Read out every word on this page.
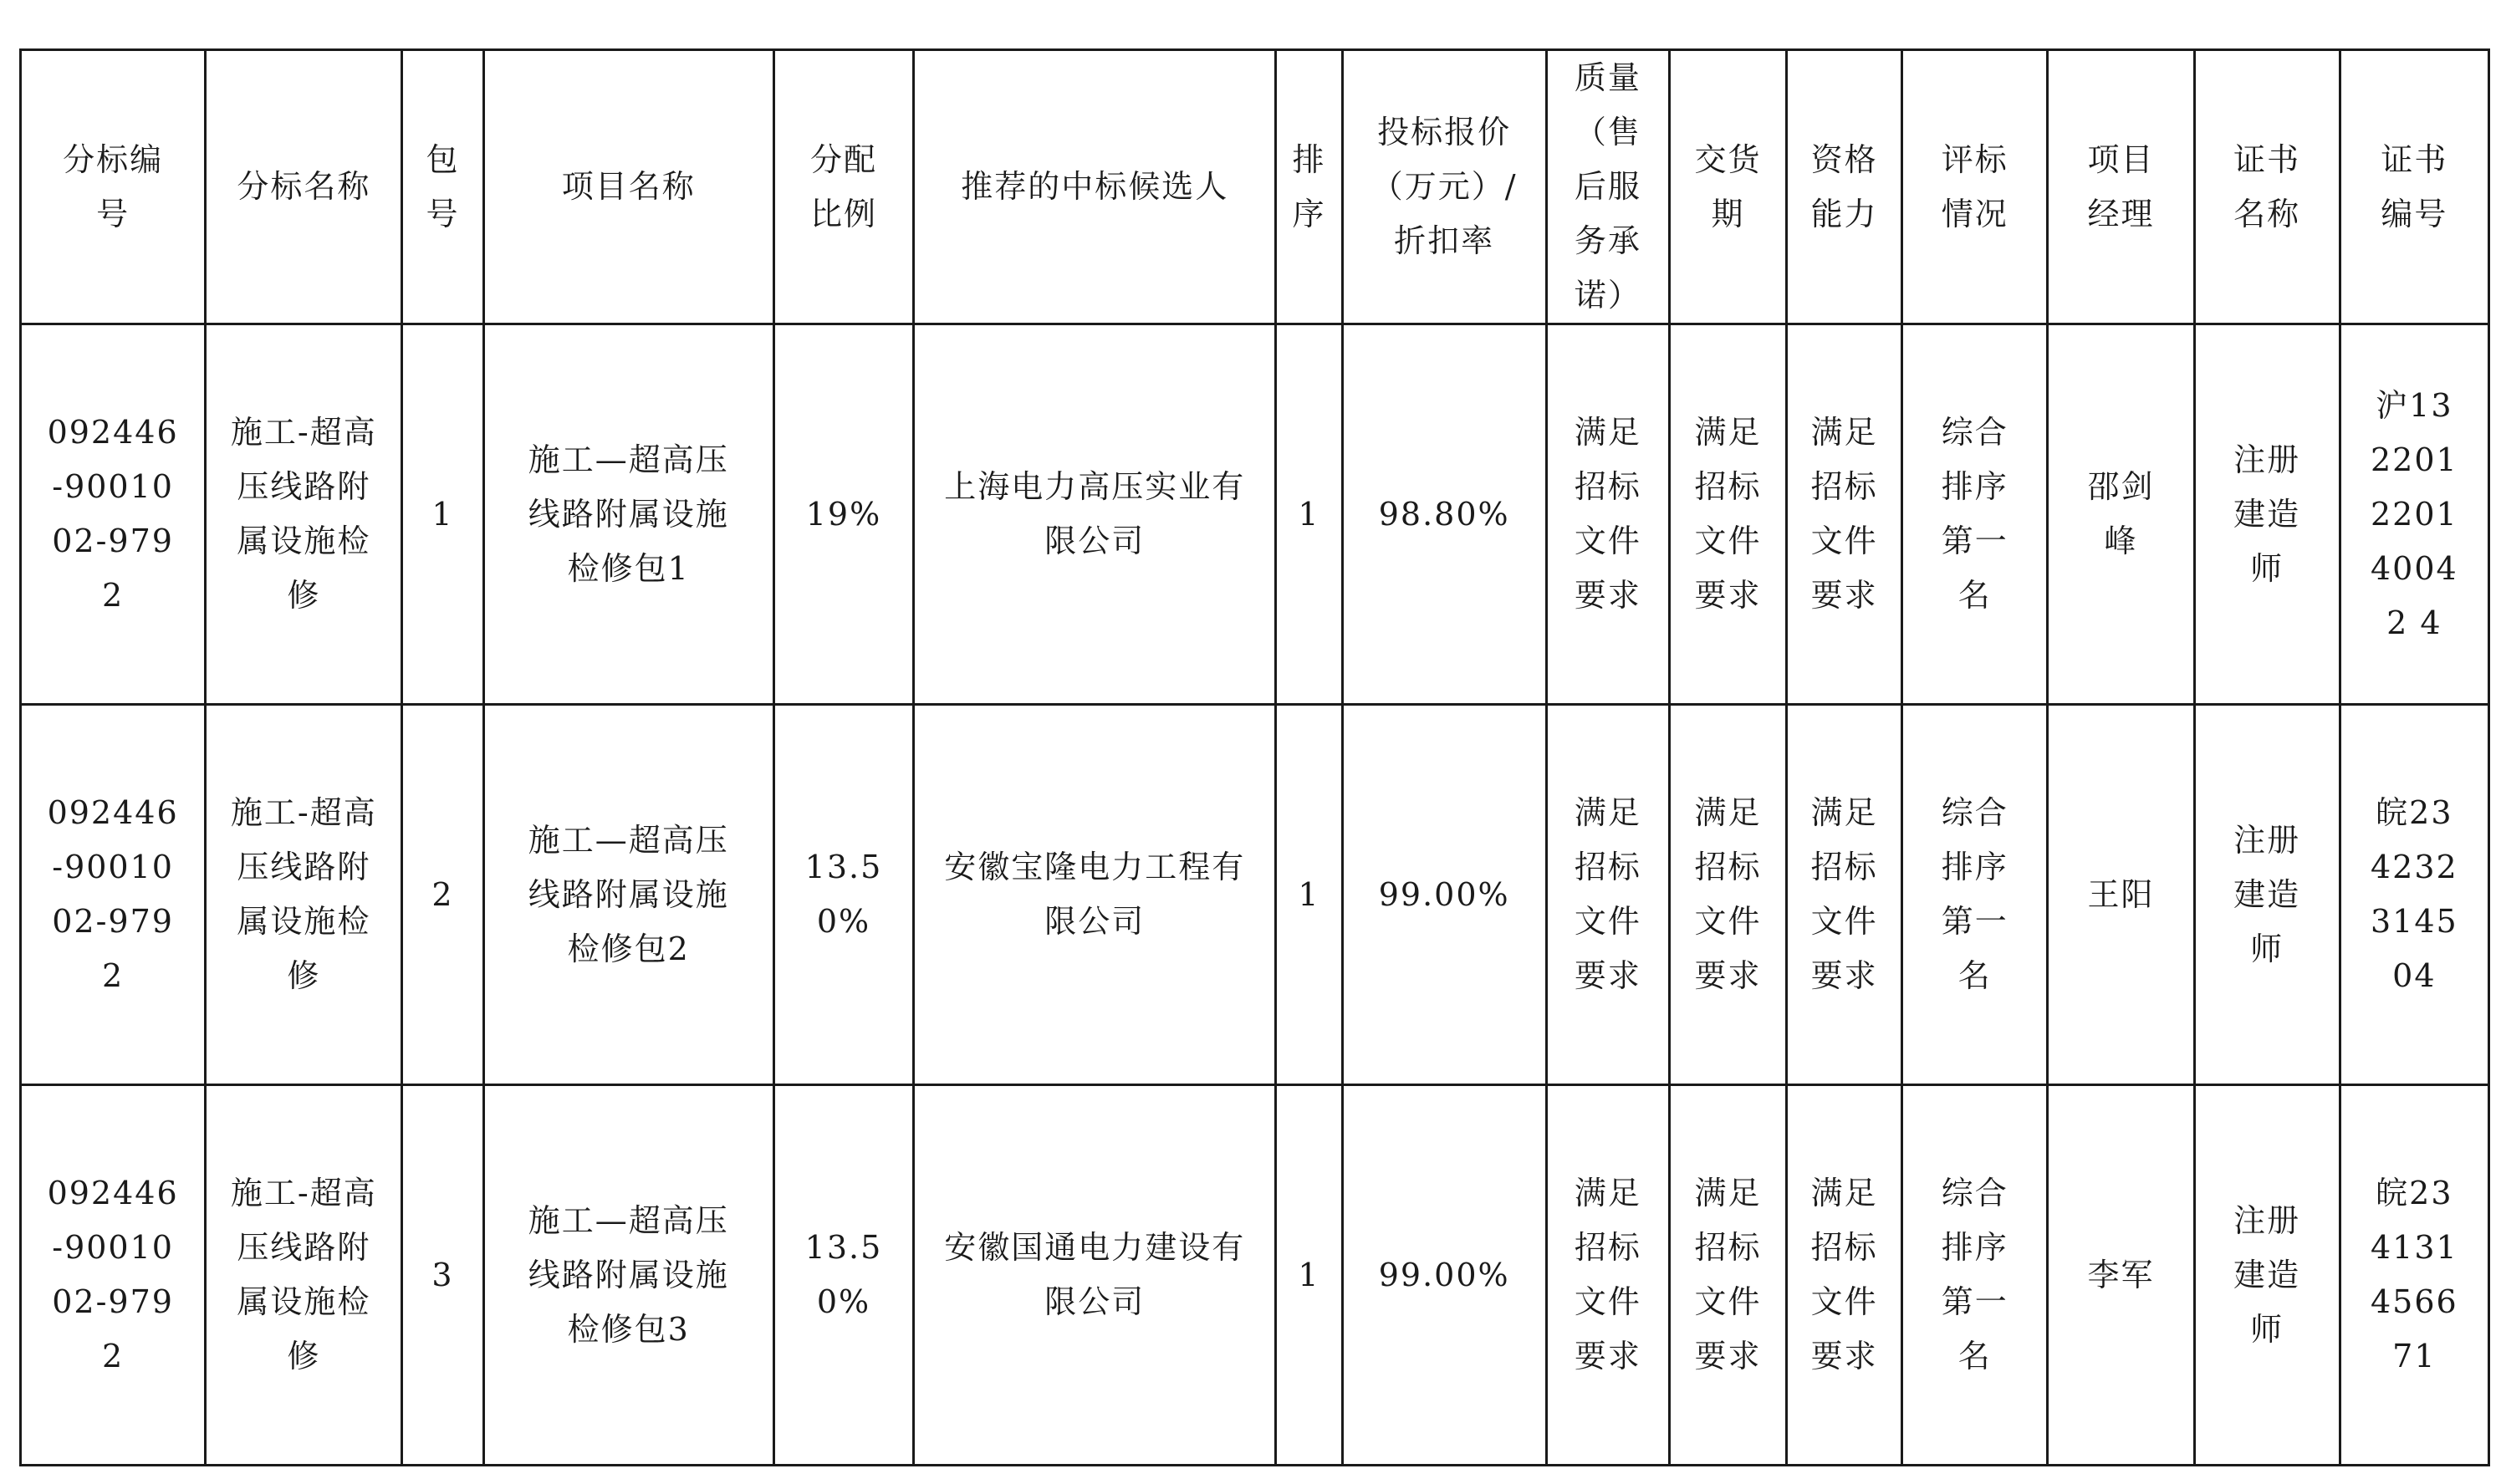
分标编号	分标名称	包号	项目名称	分配比例	推荐的中标候选人	排序	投标报价（万元）/折扣率	质量（售后服务承诺）	交货期	资格能力	评标情况	项目经理	证书名称	证书编号

092446-9001002-9792	施工-超高压线路附属设施检修	1	施工—超高压线路附属设施检修包1	19%	上海电力高压实业有限公司	1	98.80%	满足招标文件要求	满足招标文件要求	满足招标文件要求	综合排序第一名	邵剑峰	注册建造师	沪132201220140042 4

092446-9001002-9792	施工-超高压线路附属设施检修	2	施工—超高压线路附属设施检修包2	13.50%	安徽宝隆电力工程有限公司	1	99.00%	满足招标文件要求	满足招标文件要求	满足招标文件要求	综合排序第一名	王阳	注册建造师	皖234232314504

092446-9001002-9792	施工-超高压线路附属设施检修	3	施工—超高压线路附属设施检修包3	13.50%	安徽国通电力建设有限公司	1	99.00%	满足招标文件要求	满足招标文件要求	满足招标文件要求	综合排序第一名	李军	注册建造师	皖234131456671
